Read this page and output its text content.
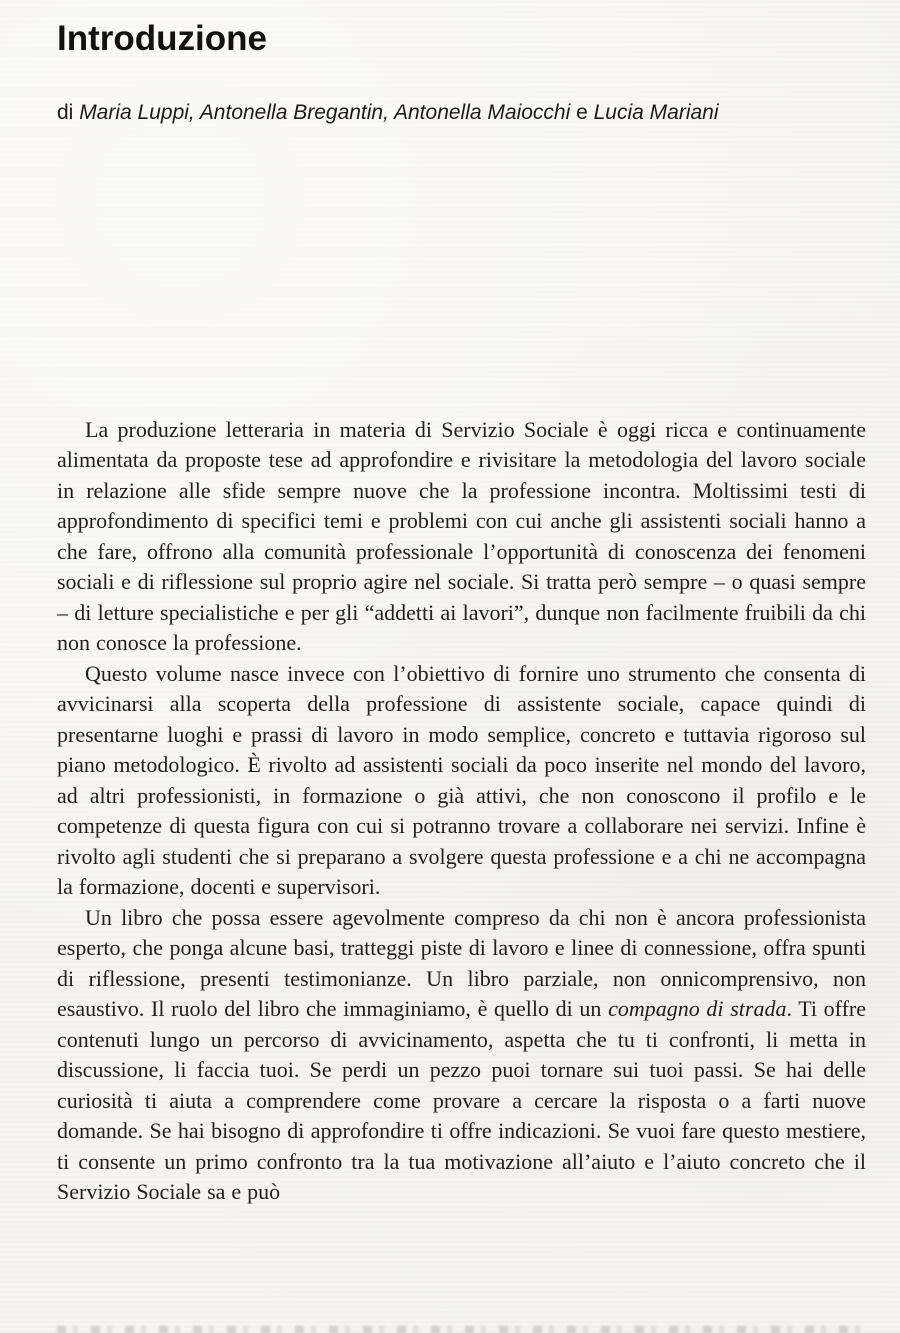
Introduzione
di Maria Luppi, Antonella Bregantin, Antonella Maiocchi e Lucia Mariani

La produzione letteraria in materia di Servizio Sociale è oggi ricca e continuamente alimentata da proposte tese ad approfondire e rivisitare la metodologia del lavoro sociale in relazione alle sfide sempre nuove che la professione incontra. Moltissimi testi di approfondimento di specifici temi e problemi con cui anche gli assistenti sociali hanno a che fare, offrono alla comunità professionale l’opportunità di conoscenza dei fenomeni sociali e di riflessione sul proprio agire nel sociale. Si tratta però sempre – o quasi sempre – di letture specialistiche e per gli “addetti ai lavori”, dunque non facilmente fruibili da chi non conosce la professione.

Questo volume nasce invece con l’obiettivo di fornire uno strumento che consenta di avvicinarsi alla scoperta della professione di assistente sociale, capace quindi di presentarne luoghi e prassi di lavoro in modo semplice, concreto e tuttavia rigoroso sul piano metodologico. È rivolto ad assistenti sociali da poco inserite nel mondo del lavoro, ad altri professionisti, in formazione o già attivi, che non conoscono il profilo e le competenze di questa figura con cui si potranno trovare a collaborare nei servizi. Infine è rivolto agli studenti che si preparano a svolgere questa professione e a chi ne accompagna la formazione, docenti e supervisori.

Un libro che possa essere agevolmente compreso da chi non è ancora professionista esperto, che ponga alcune basi, tratteggi piste di lavoro e linee di connessione, offra spunti di riflessione, presenti testimonianze. Un libro parziale, non onnicomprensivo, non esaustivo. Il ruolo del libro che immaginiamo, è quello di un compagno di strada. Ti offre contenuti lungo un percorso di avvicinamento, aspetta che tu ti confronti, li metta in discussione, li faccia tuoi. Se perdi un pezzo puoi tornare sui tuoi passi. Se hai delle curiosità ti aiuta a comprendere come provare a cercare la risposta o a farti nuove domande. Se hai bisogno di approfondire ti offre indicazioni. Se vuoi fare questo mestiere, ti consente un primo confronto tra la tua motivazione all’aiuto e l’aiuto concreto che il Servizio Sociale sa e può
